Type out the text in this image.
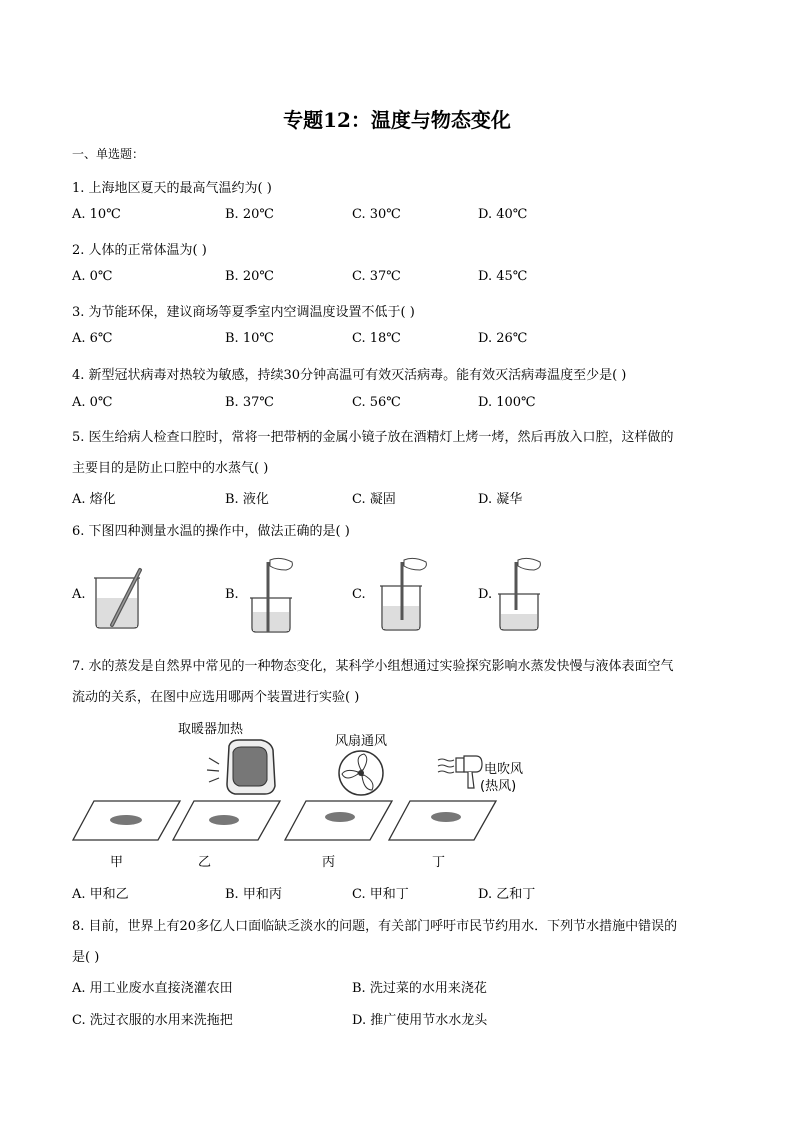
专题12：温度与物态变化
一、单选题：
1. 上海地区夏天的最高气温约为( )
A. 10℃	B. 20℃	C. 30℃	D. 40℃
2. 人体的正常体温为( )
A. 0℃	B. 20℃	C. 37℃	D. 45℃
3. 为节能环保，建议商场等夏季室内空调温度设置不低于( )
A. 6℃	B. 10℃	C. 18℃	D. 26℃
4. 新型冠状病毒对热较为敏感，持续30分钟高温可有效灭活病毒。能有效灭活病毒温度至少是( )
A. 0℃	B. 37℃	C. 56℃	D. 100℃
5. 医生给病人检查口腔时，常将一把带柄的金属小镜子放在酒精灯上烤一烤，然后再放入口腔，这样做的
主要目的是防止口腔中的水蒸气( )
A. 熔化	B. 液化	C. 凝固	D. 凝华
6. 下图四种测量水温的操作中，做法正确的是( )
A.	B.	C.	D.
7. 水的蒸发是自然界中常见的一种物态变化，某科学小组想通过实验探究影响水蒸发快慢与液体表面空气
流动的关系，在图中应选用哪两个装置进行实验( )
取暖器加热
风扇通风
电吹风
(热风)
甲	乙	丙	丁
A. 甲和乙	B. 甲和丙	C. 甲和丁	D. 乙和丁
8. 目前，世界上有20多亿人口面临缺乏淡水的问题，有关部门呼吁市民节约用水．下列节水措施中错误的
是( )
A. 用工业废水直接浇灌农田	B. 洗过菜的水用来浇花
C. 洗过衣服的水用来洗拖把	D. 推广使用节水水龙头
